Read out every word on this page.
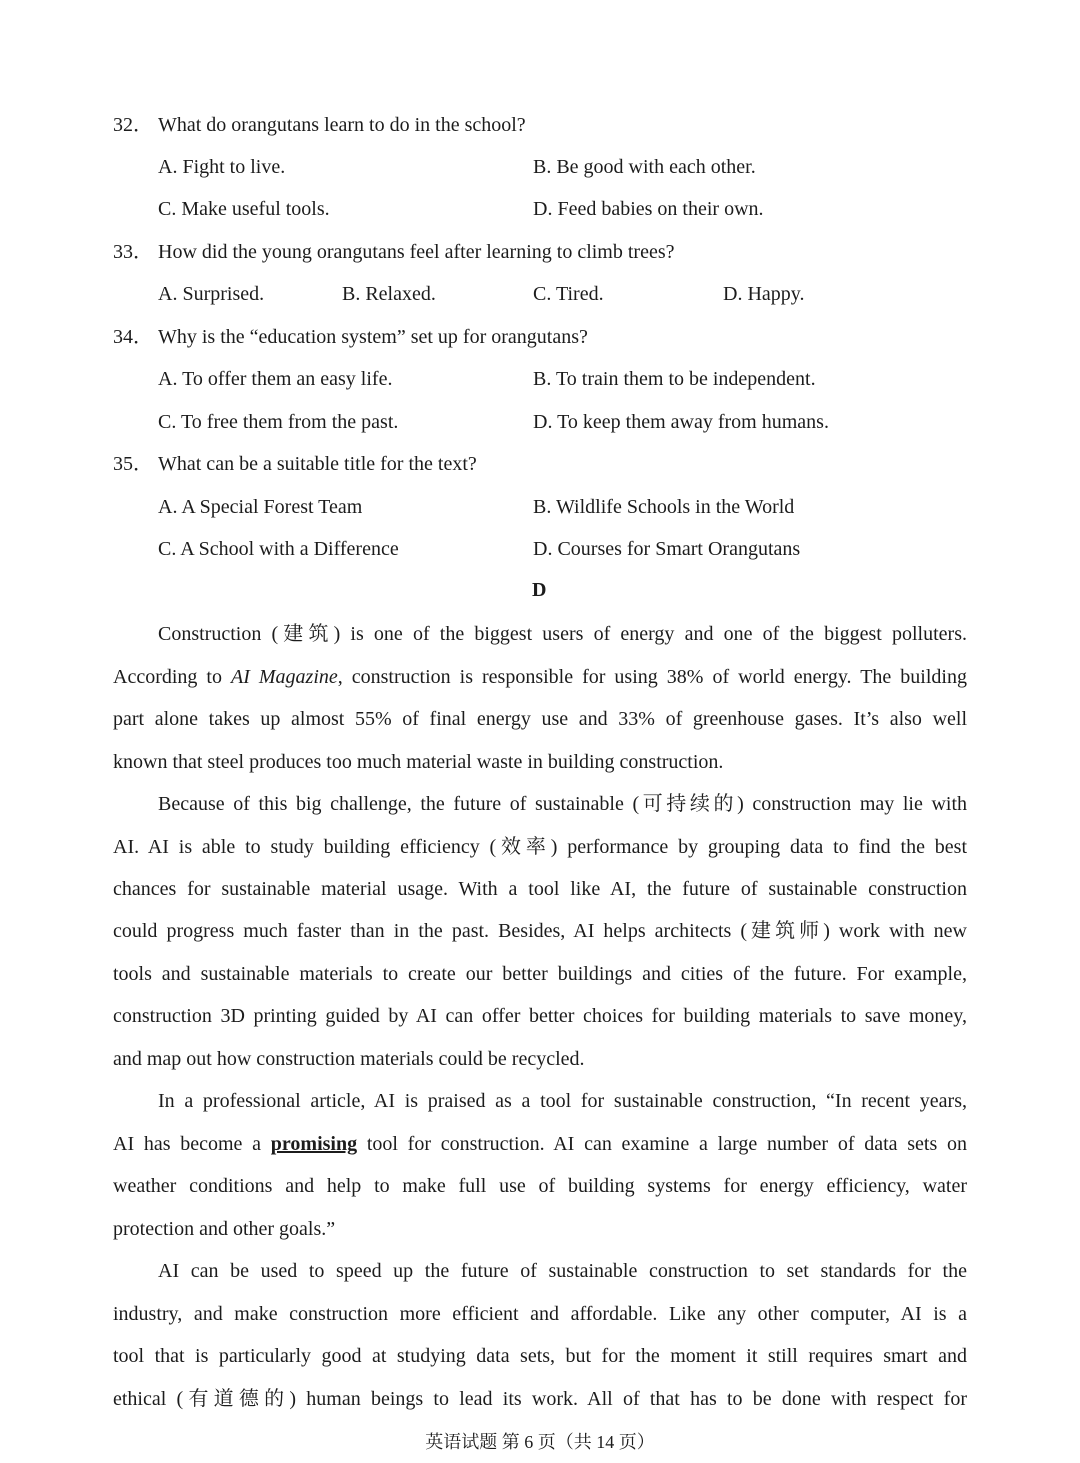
32． What do orangutans learn to do in the school?
A. Fight to live.	B. Be good with each other.
C. Make useful tools.	D. Feed babies on their own.
33． How did the young orangutans feel after learning to climb trees?
A. Surprised.	B. Relaxed.	C. Tired.	D. Happy.
34． Why is the “education system” set up for orangutans?
A. To offer them an easy life.	B. To train them to be independent.
C. To free them from the past.	D. To keep them away from humans.
35． What can be a suitable title for the text?
A. A Special Forest Team	B. Wildlife Schools in the World
C. A School with a Difference	D. Courses for Smart Orangutans
D
Construction (建筑) is one of the biggest users of energy and one of the biggest polluters.
According to AI Magazine, construction is responsible for using 38% of world energy. The building
part alone takes up almost 55% of final energy use and 33% of greenhouse gases. It’s also well
known that steel produces too much material waste in building construction.
Because of this big challenge, the future of sustainable (可持续的) construction may lie with
AI. AI is able to study building efficiency (效率) performance by grouping data to find the best
chances for sustainable material usage. With a tool like AI, the future of sustainable construction
could progress much faster than in the past. Besides, AI helps architects (建筑师) work with new
tools and sustainable materials to create our better buildings and cities of the future. For example,
construction 3D printing guided by AI can offer better choices for building materials to save money,
and map out how construction materials could be recycled.
In a professional article, AI is praised as a tool for sustainable construction, “In recent years,
AI has become a promising tool for construction. AI can examine a large number of data sets on
weather conditions and help to make full use of building systems for energy efficiency, water
protection and other goals.”
AI can be used to speed up the future of sustainable construction to set standards for the
industry, and make construction more efficient and affordable. Like any other computer, AI is a
tool that is particularly good at studying data sets, but for the moment it still requires smart and
ethical (有道德的) human beings to lead its work. All of that has to be done with respect for
英语试题 第 6 页（共 14 页）
